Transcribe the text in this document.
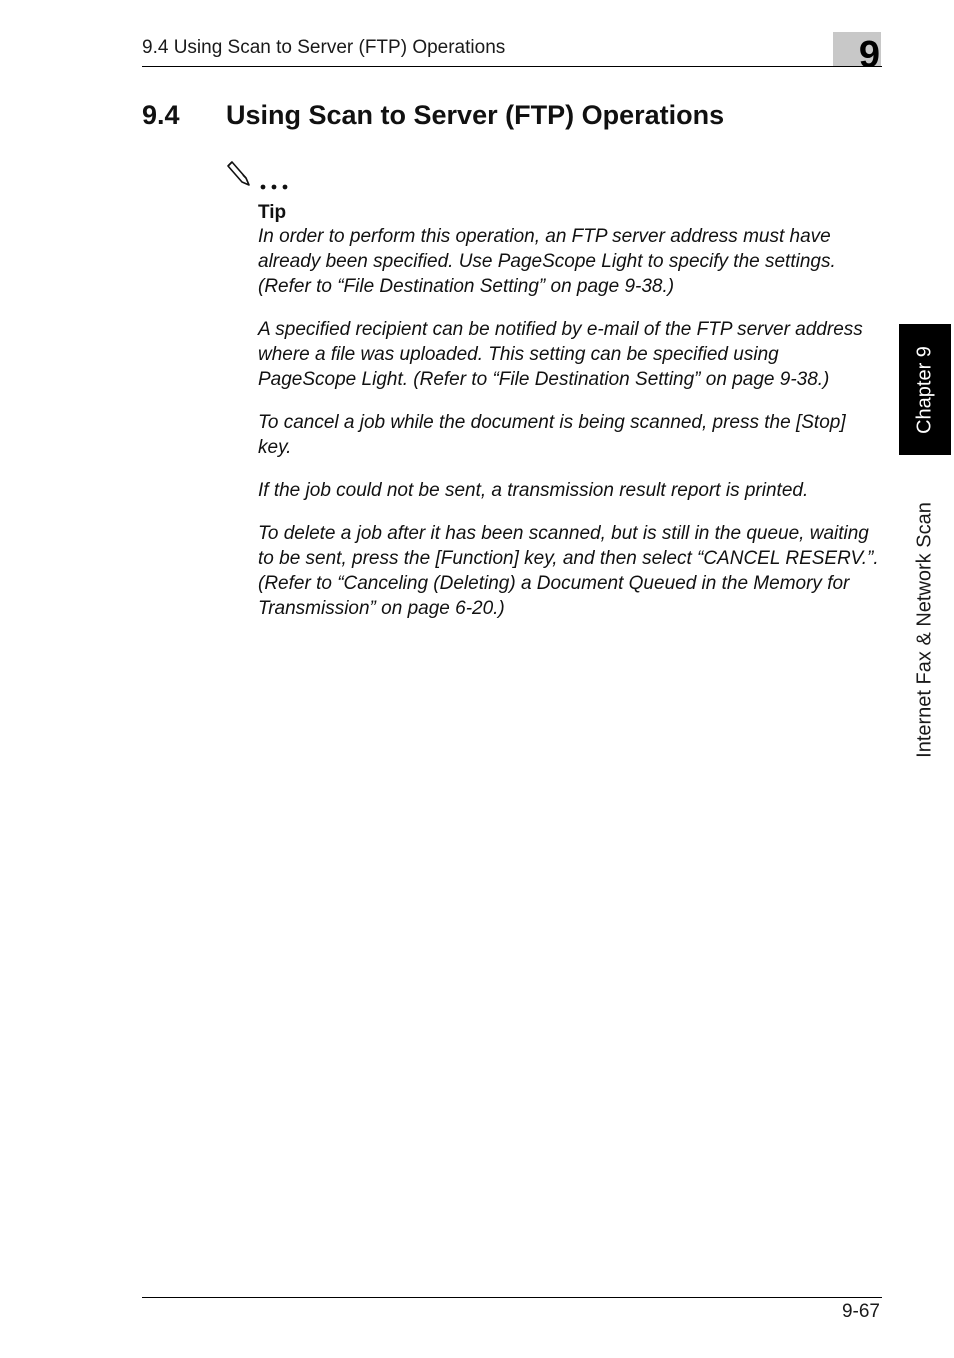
9.4 Using Scan to Server (FTP) Operations	9
9.4 Using Scan to Server (FTP) Operations
Tip

In order to perform this operation, an FTP server address must have already been specified. Use PageScope Light to specify the settings. (Refer to “File Destination Setting” on page 9-38.)

A specified recipient can be notified by e-mail of the FTP server address where a file was uploaded. This setting can be specified using PageScope Light. (Refer to “File Destination Setting” on page 9-38.)

To cancel a job while the document is being scanned, press the [Stop] key.

If the job could not be sent, a transmission result report is printed.

To delete a job after it has been scanned, but is still in the queue, waiting to be sent, press the [Function] key, and then select “CANCEL RESERV.”. (Refer to “Canceling (Deleting) a Document Queued in the Memory for Transmission” on page 6-20.)

Chapter 9
Internet Fax & Network Scan
9-67
